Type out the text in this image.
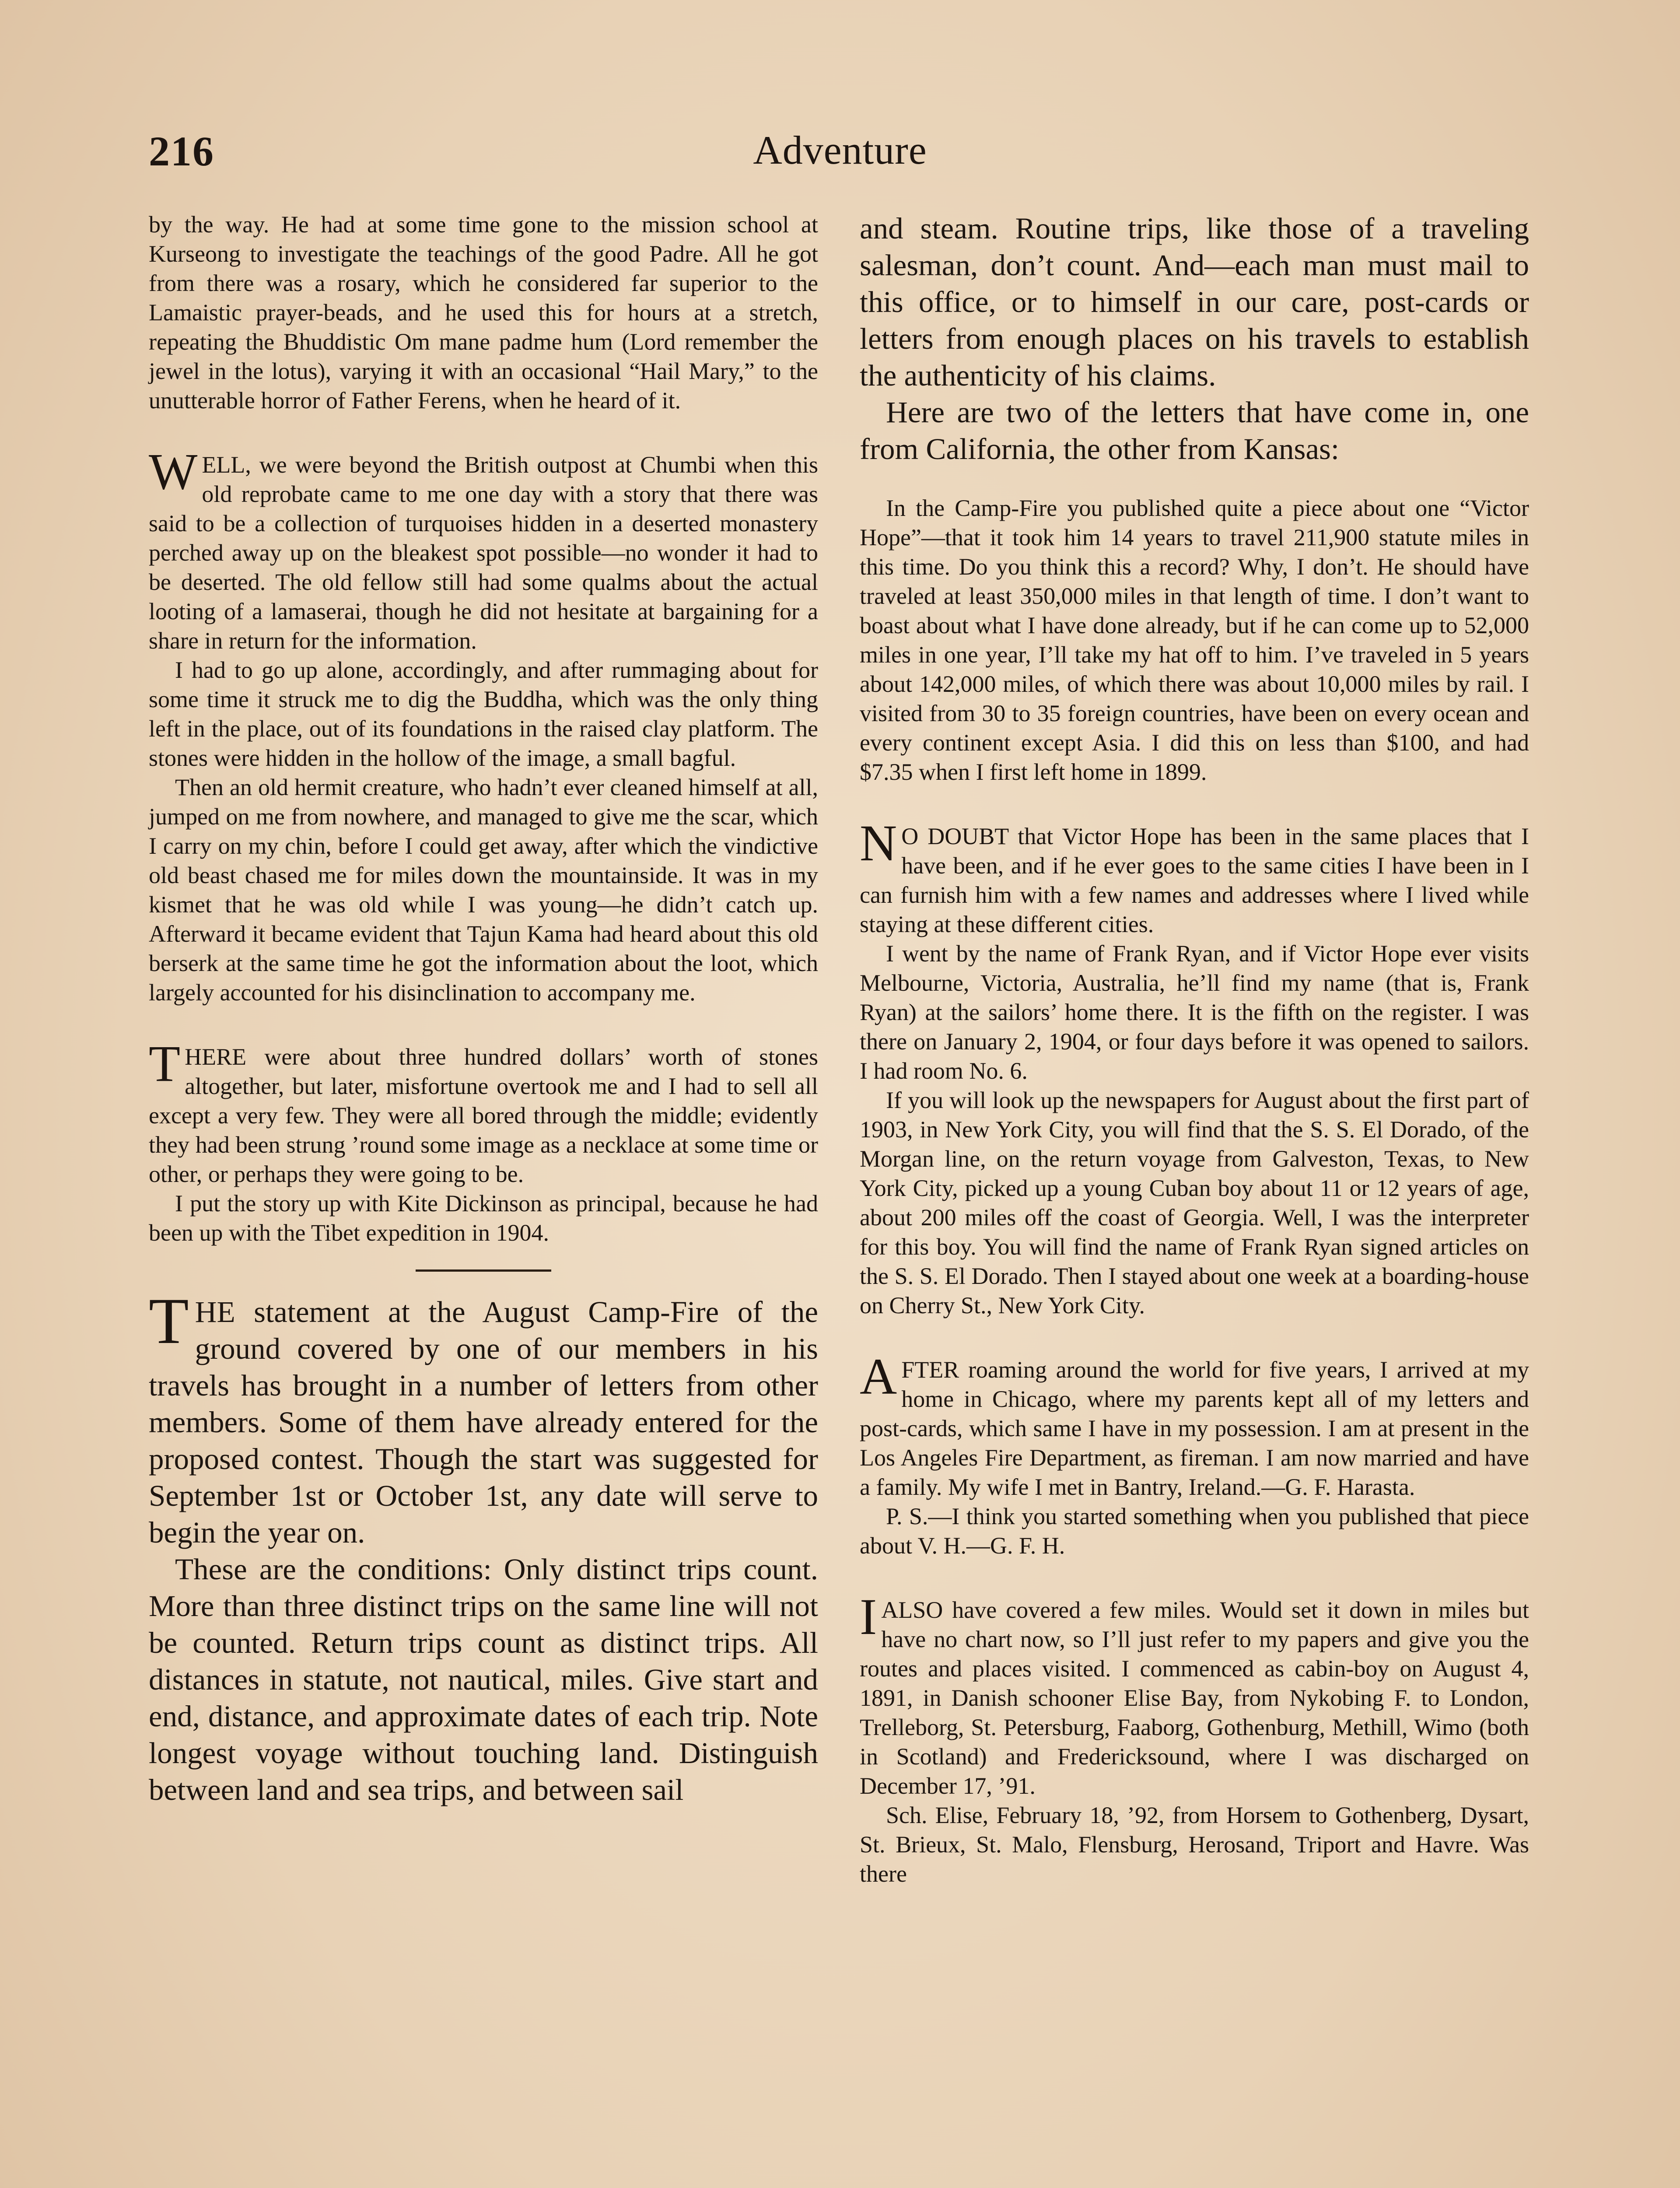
216	Adventure

by the way. He had at some time gone to the mission school at Kurseong to investigate the teachings of the good Padre. All he got from there was a rosary, which he considered far superior to the Lamaistic prayer-beads, and he used this for hours at a stretch, repeating the Bhuddistic Om mane padme hum (Lord remember the jewel in the lotus), varying it with an occasional “Hail Mary,” to the unutterable horror of Father Ferens, when he heard of it.

WELL, we were beyond the British outpost at Chumbi when this old reprobate came to me one day with a story that there was said to be a collection of turquoises hidden in a deserted monastery perched away up on the bleakest spot possible—no wonder it had to be deserted. The old fellow still had some qualms about the actual looting of a lamaserai, though he did not hesitate at bargaining for a share in return for the information.

I had to go up alone, accordingly, and after rummaging about for some time it struck me to dig the Buddha, which was the only thing left in the place, out of its foundations in the raised clay platform. The stones were hidden in the hollow of the image, a small bagful.

Then an old hermit creature, who hadn’t ever cleaned himself at all, jumped on me from nowhere, and managed to give me the scar, which I carry on my chin, before I could get away, after which the vindictive old beast chased me for miles down the mountainside. It was in my kismet that he was old while I was young—he didn’t catch up. Afterward it became evident that Tajun Kama had heard about this old berserk at the same time he got the information about the loot, which largely accounted for his disinclination to accompany me.

THERE were about three hundred dollars’ worth of stones altogether, but later, misfortune overtook me and I had to sell all except a very few. They were all bored through the middle; evidently they had been strung ’round some image as a necklace at some time or other, or perhaps they were going to be.

I put the story up with Kite Dickinson as principal, because he had been up with the Tibet expedition in 1904.

THE statement at the August Camp-Fire of the ground covered by one of our members in his travels has brought in a number of letters from other members. Some of them have already entered for the proposed contest. Though the start was suggested for September 1st or October 1st, any date will serve to begin the year on.

These are the conditions: Only distinct trips count. More than three distinct trips on the same line will not be counted. Return trips count as distinct trips. All distances in statute, not nautical, miles. Give start and end, distance, and approximate dates of each trip. Note longest voyage without touching land. Distinguish between land and sea trips, and between sail

and steam. Routine trips, like those of a traveling salesman, don’t count. And—each man must mail to this office, or to himself in our care, post-cards or letters from enough places on his travels to establish the authenticity of his claims.

Here are two of the letters that have come in, one from California, the other from Kansas:

In the Camp-Fire you published quite a piece about one “Victor Hope”—that it took him 14 years to travel 211,900 statute miles in this time. Do you think this a record? Why, I don’t. He should have traveled at least 350,000 miles in that length of time. I don’t want to boast about what I have done already, but if he can come up to 52,000 miles in one year, I’ll take my hat off to him. I’ve traveled in 5 years about 142,000 miles, of which there was about 10,000 miles by rail. I visited from 30 to 35 foreign countries, have been on every ocean and every continent except Asia. I did this on less than $100, and had $7.35 when I first left home in 1899.

N O DOUBT that Victor Hope has been in the same places that I have been, and if he ever goes to the same cities I have been in I can furnish him with a few names and addresses where I lived while staying at these different cities.

I went by the name of Frank Ryan, and if Victor Hope ever visits Melbourne, Victoria, Australia, he’ll find my name (that is, Frank Ryan) at the sailors’ home there. It is the fifth on the register. I was there on January 2, 1904, or four days before it was opened to sailors. I had room No. 6.

If you will look up the newspapers for August about the first part of 1903, in New York City, you will find that the S. S. El Dorado, of the Morgan line, on the return voyage from Galveston, Texas, to New York City, picked up a young Cuban boy about 11 or 12 years of age, about 200 miles off the coast of Georgia. Well, I was the interpreter for this boy. You will find the name of Frank Ryan signed articles on the S. S. El Dorado. Then I stayed about one week at a boarding-house on Cherry St., New York City.

AFTER roaming around the world for five years, I arrived at my home in Chicago, where my parents kept all of my letters and post-cards, which same I have in my possession. I am at present in the Los Angeles Fire Department, as fireman. I am now married and have a family. My wife I met in Bantry, Ireland.—G. F. Harasta.

P. S.—I think you started something when you published that piece about V. H.—G. F. H.

IALSO have covered a few miles. Would set it down in miles but have no chart now, so I’ll just refer to my papers and give you the routes and places visited. I commenced as cabin-boy on August 4, 1891, in Danish schooner Elise Bay, from Nykobing F. to London, Trelleborg, St. Petersburg, Faaborg, Gothenburg, Methill, Wimo (both in Scotland) and Fredericksound, where I was discharged on December 17, ’91.

Sch. Elise, February 18, ’92, from Horsem to Gothenberg, Dysart, St. Brieux, St. Malo, Flensburg, Herosand, Triport and Havre. Was there
